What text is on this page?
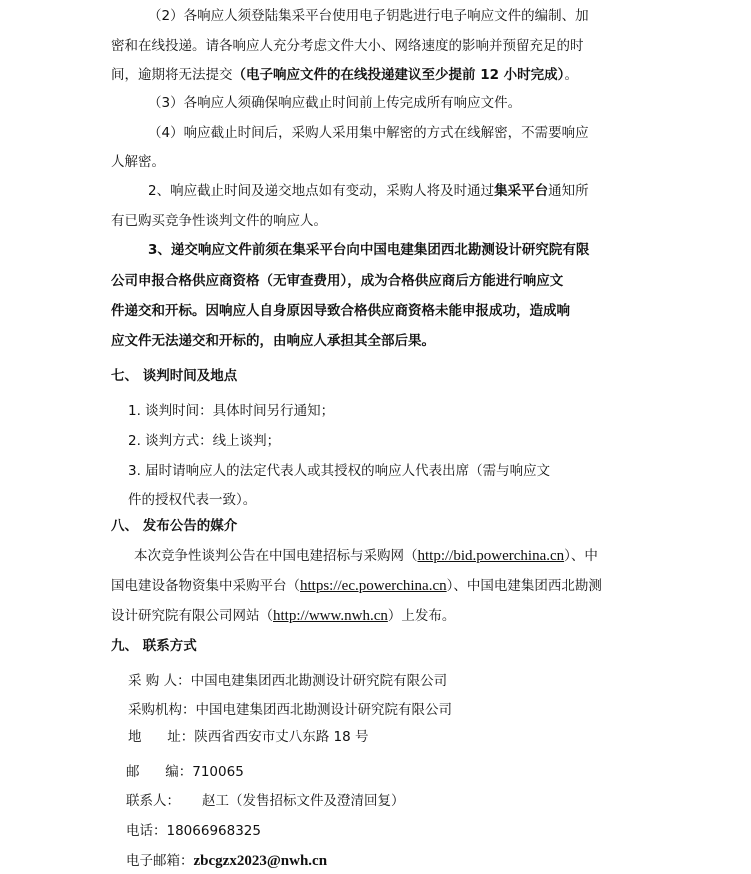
（2）各响应人须登陆集采平台使用电子钥匙进行电子响应文件的编制、加
密和在线投递。请各响应人充分考虑文件大小、网络速度的影响并预留充足的时
间，逾期将无法提交（电子响应文件的在线投递建议至少提前 12 小时完成）。
（3）各响应人须确保响应截止时间前上传完成所有响应文件。
（4）响应截止时间后，采购人采用集中解密的方式在线解密，不需要响应
人解密。
2、响应截止时间及递交地点如有变动，采购人将及时通过集采平台通知所
有已购买竞争性谈判文件的响应人。
3、递交响应文件前须在集采平台向中国电建集团西北勘测设计研究院有限
公司申报合格供应商资格（无审查费用），成为合格供应商后方能进行响应文
件递交和开标。因响应人自身原因导致合格供应商资格未能申报成功，造成响
应文件无法递交和开标的，由响应人承担其全部后果。
七、 谈判时间及地点
1. 谈判时间：具体时间另行通知；
2. 谈判方式：线上谈判；
3. 届时请响应人的法定代表人或其授权的响应人代表出席（需与响应文
件的授权代表一致）。
八、 发布公告的媒介
本次竞争性谈判公告在中国电建招标与采购网（http://bid.powerchina.cn）、中
国电建设备物资集中采购平台（https://ec.powerchina.cn）、中国电建集团西北勘测
设计研究院有限公司网站（http://www.nwh.cn）上发布。
九、 联系方式
采 购 人：中国电建集团西北勘测设计研究院有限公司
采购机构：中国电建集团西北勘测设计研究院有限公司
地      址：陕西省西安市丈八东路 18 号
邮      编：710065
联系人： 赵工（发售招标文件及澄清回复）
电话：18066968325
电子邮箱：zbcgzx2023@nwh.cn
